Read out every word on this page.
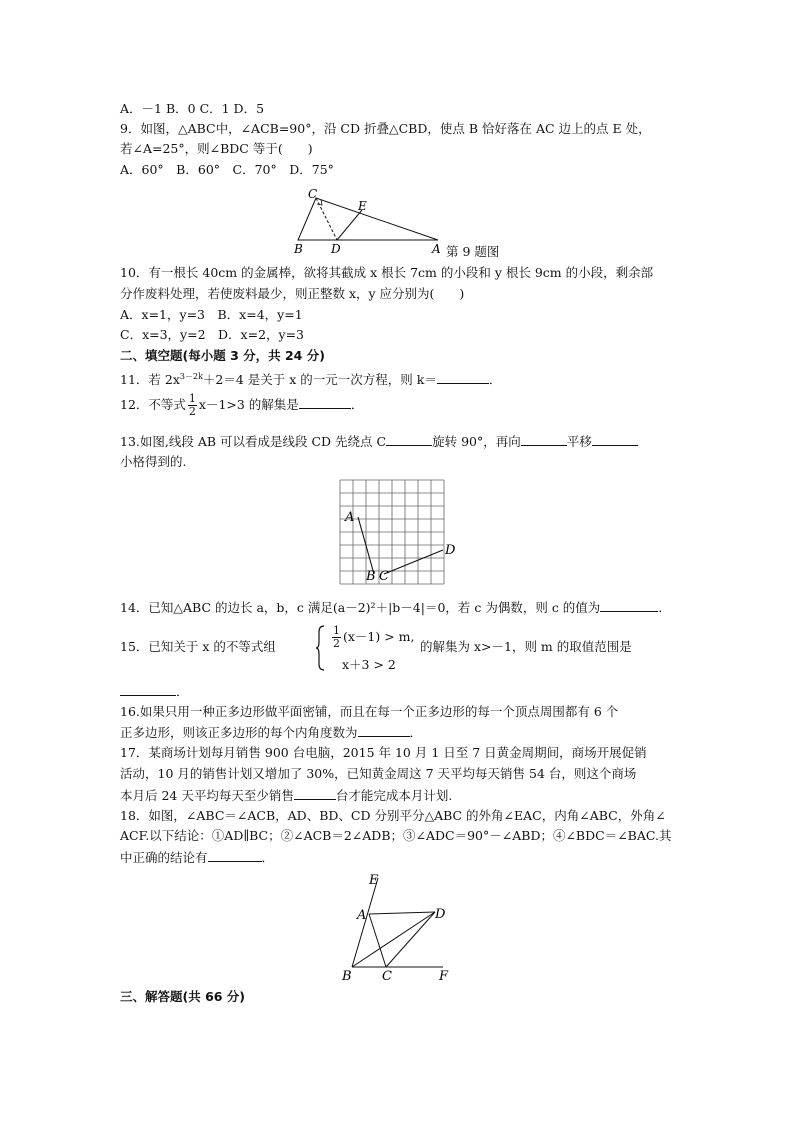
A．－1 B．0 C．1 D．5
9．如图，△ABC中，∠ACB=90°，沿 CD 折叠△CBD，使点 B 恰好落在 AC 边上的点 E 处，
若∠A=25°，则∠BDC 等于(　　)
A．60°　B．60°　C．70°　D．75°
C
E
B D	A 第 9 题图
10．有一根长 40cm 的金属棒，欲将其截成 x 根长 7cm 的小段和 y 根长 9cm 的小段，剩余部
分作废料处理，若使废料最少，则正整数 x，y 应分别为(　　)
A．x=1，y=3　B．x=4，y=1
C．x=3，y=2　D．x=2，y=3
二、填空题(每小题 3 分，共 24 分)
11．若 $2x^{3-2k}+2=4$ 是关于 x 的一元一次方程，则 k＝	．
12．不等式 $\frac{1}{2} x-1>3$ 的解集是	．
13.如图,线段 AB 可以看成是线段 CD 先绕点 C	旋转 90°，再向	平移
小格得到的.
A
B C
D
14．已知△ABC 的边长 a，b，c 满足(a－2)²＋|b－4|＝0，若 c 为偶数，则 c 的值为	．
15．已知关于 x 的不等式组	$\frac{1}{2} (x-1) > m$,
x＋3 > 2
的解集为 x>－1，则 m 的取值范围是
．
16.如果只用一种正多边形做平面密铺，而且在每一个正多边形的每一个顶点周围都有 6 个
正多边形，则该正多边形的每个内角度数为	．
17．某商场计划每月销售 900 台电脑，2015 年 10 月 1 日至 7 日黄金周期间，商场开展促销
活动，10 月的销售计划又增加了 30%，已知黄金周这 7 天平均每天销售 54 台，则这个商场
本月后 24 天平均每天至少销售	台才能完成本月计划.
18．如图，∠ABC＝∠ACB，AD、BD、CD 分别平分△ABC 的外角∠EAC，内角∠ABC，外角∠
ACF.以下结论：①AD∥BC；②∠ACB＝2∠ADB；③∠ADC＝90°－∠ABD；④∠BDC＝∠BAC.其
中正确的结论有	．
E
A	D
B C	F
三、解答题(共 66 分)
